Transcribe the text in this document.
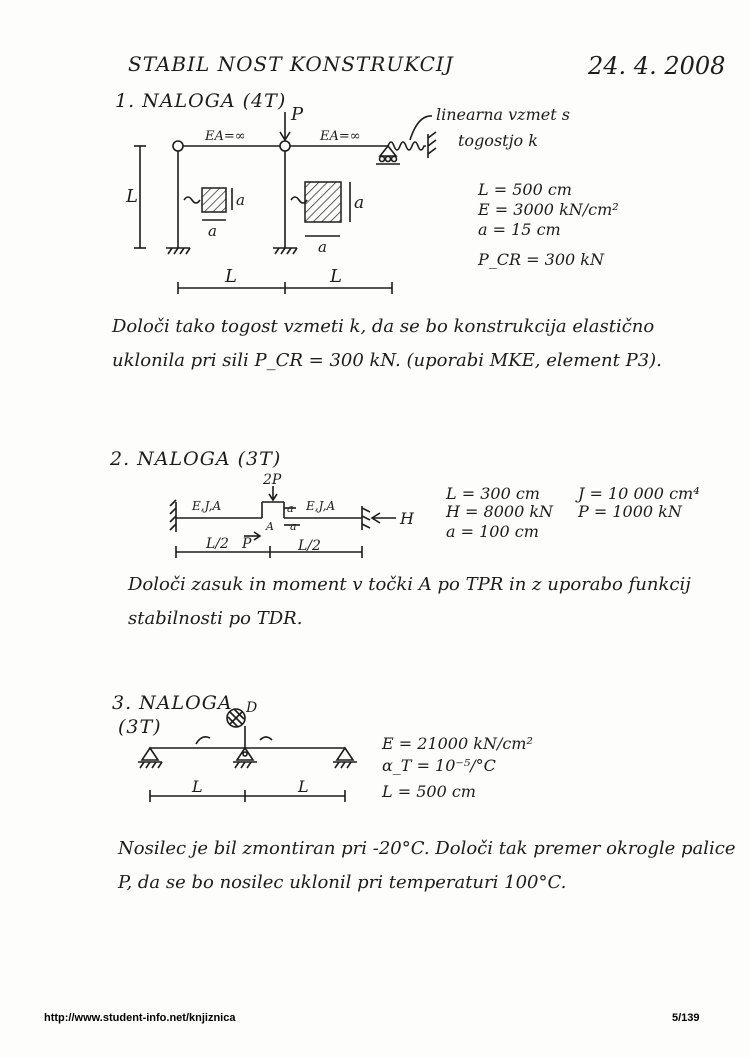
STABIL NOST KONSTRUKCIJ	24. 4. 2008
1. NALOGA (4T)
P
EA=∞	EA=∞
L	a
a
a
a
L	L
linearna vzmet s
togostjo k
L = 500 cm
E = 3000 kN/cm²
a = 15 cm
P_CR = 300 kN
Določi tako togost vzmeti k, da se bo konstrukcija elastično uklonila pri sili P_CR = 300 kN. (uporabi MKE, element P3).
2. NALOGA (3T)
2P
E,J,A	E,J,A
a
a
A
P
H
L/2	L/2
L = 300 cm
H = 8000 kN
a = 100 cm
J = 10 000 cm⁴
P = 1000 kN
Določi zasuk in moment v točki A po TPR in z uporabo funkcij stabilnosti po TDR.
3. NALOGA
(3T)
D
L	L
E = 21000 kN/cm²
α_T = 10⁻⁵/°C
L = 500 cm
Nosilec je bil zmontiran pri -20°C. Določi tak premer okrogle palice P, da se bo nosilec uklonil pri temperaturi 100°C.
http://www.student-info.net/knjiznica	5/139
